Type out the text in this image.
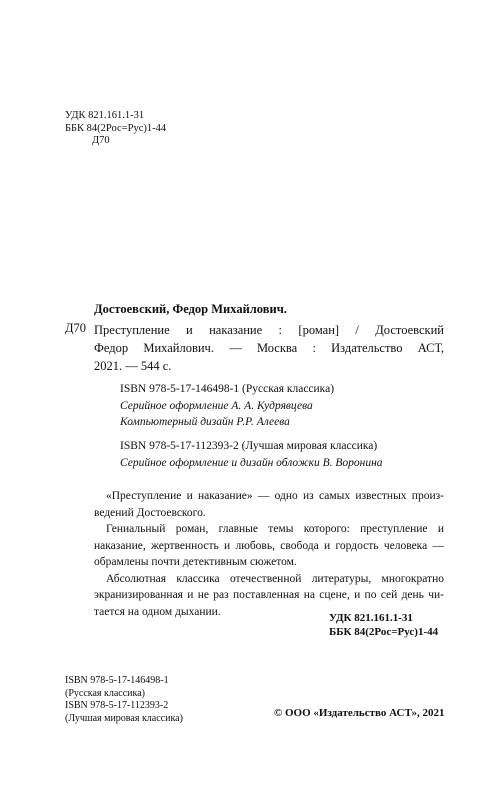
УДК 821.161.1-31
ББК 84(2Рос=Рус)1-44
Д70
Достоевский, Федор Михайлович.
Д70 Преступление и наказание : [роман] / Достоевский
Федор Михайлович. — Москва : Издательство АСТ,
2021. — 544 с.
ISBN 978-5-17-146498-1 (Русская классика)
Серийное оформление А. А. Кудрявцева
Компьютерный дизайн Р.Р. Алеева
ISBN 978-5-17-112393-2 (Лучшая мировая классика)
Серийное оформление и дизайн обложки В. Воронина
«Преступление и наказание» — одно из самых известных произ-
ведений Достоевского.
Гениальный роман, главные темы которого: преступление и
наказание, жертвенность и любовь, свобода и гордость человека —
обрамлены почти детективным сюжетом.
Абсолютная классика отечественной литературы, многократно
экранизированная и не раз поставленная на сцене, и по сей день чи-
тается на одном дыхании.
УДК 821.161.1-31
ББК 84(2Рос=Рус)1-44
ISBN 978-5-17-146498-1
(Русская классика)
ISBN 978-5-17-112393-2
(Лучшая мировая классика)	© ООО «Издательство АСТ», 2021
